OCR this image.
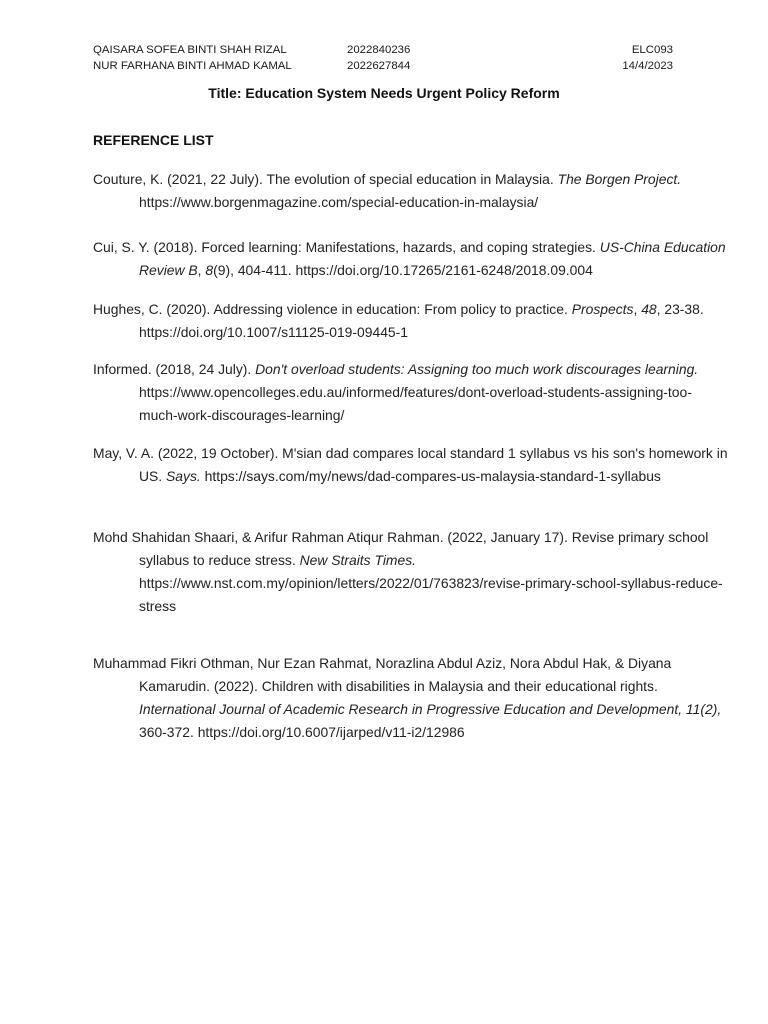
QAISARA SOFEA BINTI SHAH RIZAL	2022840236	ELC093
NUR FARHANA BINTI AHMAD KAMAL	2022627844	14/4/2023
Title: Education System Needs Urgent Policy Reform
REFERENCE LIST
Couture, K. (2021, 22 July). The evolution of special education in Malaysia. The Borgen Project. https://www.borgenmagazine.com/special-education-in-malaysia/
Cui, S. Y. (2018). Forced learning: Manifestations, hazards, and coping strategies. US-China Education Review B, 8(9), 404-411. https://doi.org/10.17265/2161-6248/2018.09.004
Hughes, C. (2020). Addressing violence in education: From policy to practice. Prospects, 48, 23-38. https://doi.org/10.1007/s11125-019-09445-1
Informed. (2018, 24 July). Don't overload students: Assigning too much work discourages learning. https://www.opencolleges.edu.au/informed/features/dont-overload-students-assigning-too-much-work-discourages-learning/
May, V. A. (2022, 19 October). M'sian dad compares local standard 1 syllabus vs his son's homework in US. Says. https://says.com/my/news/dad-compares-us-malaysia-standard-1-syllabus
Mohd Shahidan Shaari, & Arifur Rahman Atiqur Rahman. (2022, January 17). Revise primary school syllabus to reduce stress. New Straits Times. https://www.nst.com.my/opinion/letters/2022/01/763823/revise-primary-school-syllabus-reduce-stress
Muhammad Fikri Othman, Nur Ezan Rahmat, Norazlina Abdul Aziz, Nora Abdul Hak, & Diyana Kamarudin. (2022). Children with disabilities in Malaysia and their educational rights. International Journal of Academic Research in Progressive Education and Development, 11(2), 360-372. https://doi.org/10.6007/ijarped/v11-i2/12986
